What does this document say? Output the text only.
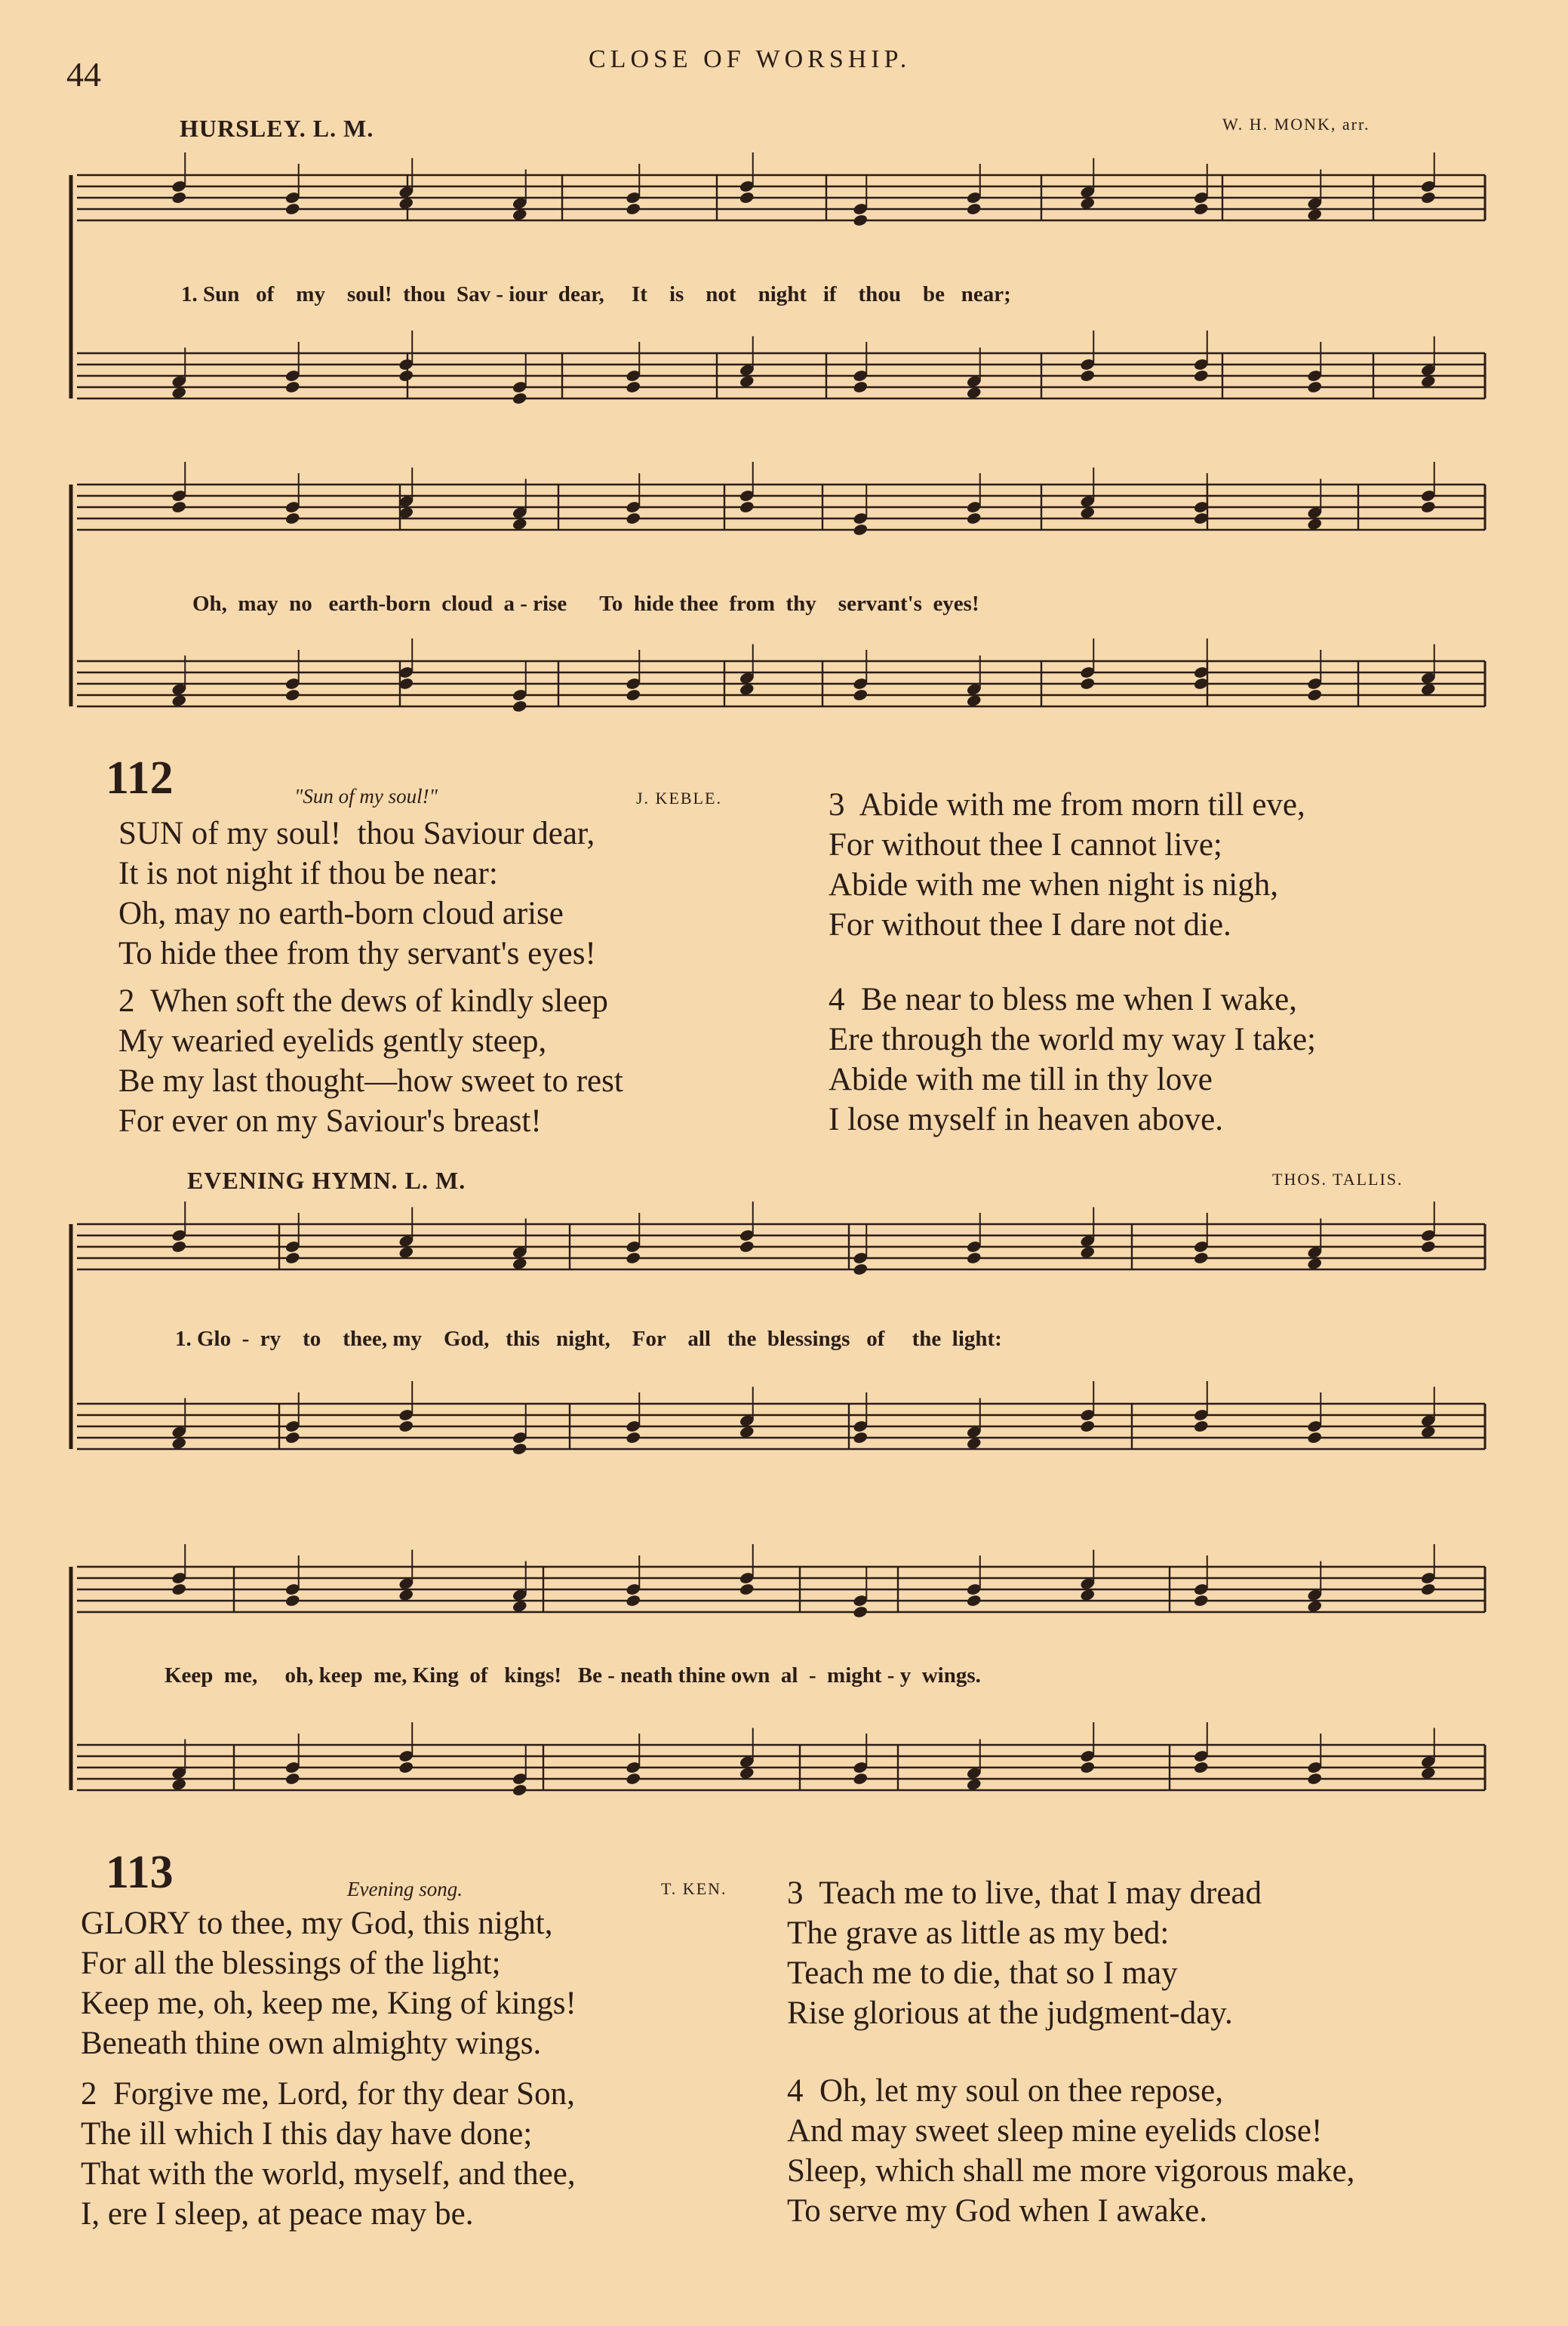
44	CLOSE OF WORSHIP.
HURSLEY. L. M.	W. H. MONK, arr.
1. Sun   of    my    soul!  thou  Sav - iour  dear,     It    is    not    night   if    thou    be   near;
Oh,  may  no   earth-born  cloud  a - rise      To  hide thee  from  thy    servant's  eyes!
112	"Sun of my soul!"	J. KEBLE.
SUN of my soul!  thou Saviour dear,
It is not night if thou be near:
Oh, may no earth-born cloud arise
To hide thee from thy servant's eyes!
2  When soft the dews of kindly sleep
My wearied eyelids gently steep,
Be my last thought—how sweet to rest
For ever on my Saviour's breast!
3  Abide with me from morn till eve,
For without thee I cannot live;
Abide with me when night is nigh,
For without thee I dare not die.
4  Be near to bless me when I wake,
Ere through the world my way I take;
Abide with me till in thy love
I lose myself in heaven above.
EVENING HYMN. L. M.	THOS. TALLIS.
1. Glo  -  ry    to    thee, my    God,   this   night,    For    all   the  blessings   of     the  light:
Keep  me,     oh, keep  me, King  of   kings!   Be - neath thine own  al  -  might - y  wings.
113	Evening song.	T. KEN.
GLORY to thee, my God, this night,
For all the blessings of the light;
Keep me, oh, keep me, King of kings!
Beneath thine own almighty wings.
2  Forgive me, Lord, for thy dear Son,
The ill which I this day have done;
That with the world, myself, and thee,
I, ere I sleep, at peace may be.
3  Teach me to live, that I may dread
The grave as little as my bed:
Teach me to die, that so I may
Rise glorious at the judgment-day.
4  Oh, let my soul on thee repose,
And may sweet sleep mine eyelids close!
Sleep, which shall me more vigorous make,
To serve my God when I awake.
